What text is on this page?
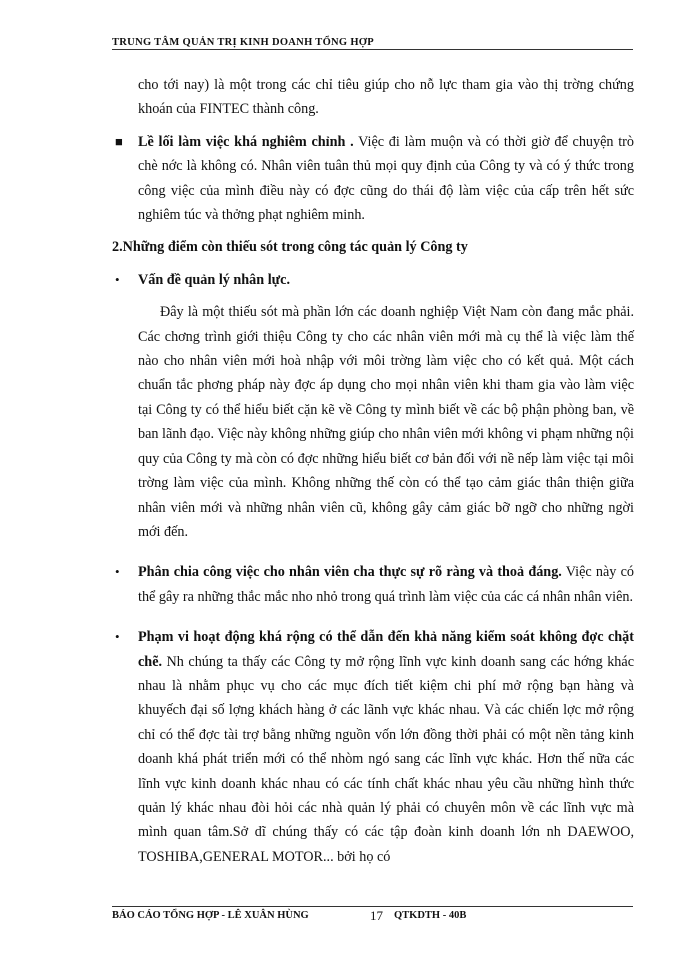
TRUNG TÂM QUẢN TRỊ KINH DOANH TỔNG HỢP

cho tới nay) là một trong các chỉ tiêu giúp cho nỗ lực tham gia vào thị trờng chứng khoán của FINTEC thành công.

■ Lề lối làm việc khá nghiêm chỉnh . Việc đi làm muộn và có thời giờ để chuyện trò chè nớc là không có. Nhân viên tuân thủ mọi quy định của Công ty và có ý thức trong công việc của mình điều này có đợc cũng do thái độ làm việc của cấp trên hết sức nghiêm túc và thởng phạt nghiêm minh.

2.Những điểm còn thiếu sót trong công tác quản lý Công ty

• Vấn đề quản lý nhân lực.

Đây là một thiếu sót mà phần lớn các doanh nghiệp Việt Nam còn đang mắc phải. Các chơng trình giới thiệu Công ty cho các nhân viên mới mà cụ thể là việc làm thế nào cho nhân viên mới hoà nhập với môi trờng làm việc cho có kết quả. Một cách chuẩn tắc phơng pháp này đợc áp dụng cho mọi nhân viên khi tham gia vào làm việc tại Công ty có thể hiểu biết cặn kẽ về Công ty mình biết về các bộ phận phòng ban, về ban lãnh đạo. Việc này không những giúp cho nhân viên mới không vi phạm những nội quy của Công ty mà còn có đợc những hiểu biết cơ bản đối với nề nếp làm việc tại môi trờng làm việc của mình. Không những thế còn có thể tạo cảm giác thân thiện giữa nhân viên mới và những nhân viên cũ, không gây cảm giác bỡ ngỡ cho những ngời mới đến.

• Phân chia công việc cho nhân viên cha thực sự rõ ràng và thoả đáng. Việc này có thể gây ra những thắc mắc nho nhỏ trong quá trình làm việc của các cá nhân nhân viên.

• Phạm vi hoạt động khá rộng có thể dẫn đến khả năng kiểm soát không đợc chặt chẽ. Nh chúng ta thấy các Công ty mở rộng lĩnh vực kinh doanh sang các hớng khác nhau là nhằm phục vụ cho các mục đích tiết kiệm chi phí mở rộng bạn hàng và khuyếch đại số lợng khách hàng ở các lãnh vực khác nhau. Và các chiến lợc mở rộng chỉ có thể đợc tài trợ bằng những nguồn vốn lớn đồng thời phải có một nền tảng kinh doanh khá phát triển mới có thể nhòm ngó sang các lĩnh vực khác. Hơn thế nữa các lĩnh vực kinh doanh khác nhau có các tính chất khác nhau yêu cầu những hình thức quản lý khác nhau đòi hỏi các nhà quản lý phải có chuyên môn về các lĩnh vực mà mình quan tâm.Sở dĩ chúng thấy có các tập đoàn kinh doanh lớn nh DAEWOO, TOSHIBA,GENERAL MOTOR... bởi họ có

BÁO CÁO TỔNG HỢP - LÊ XUÂN HÙNG	17 QTKDTH - 40B
